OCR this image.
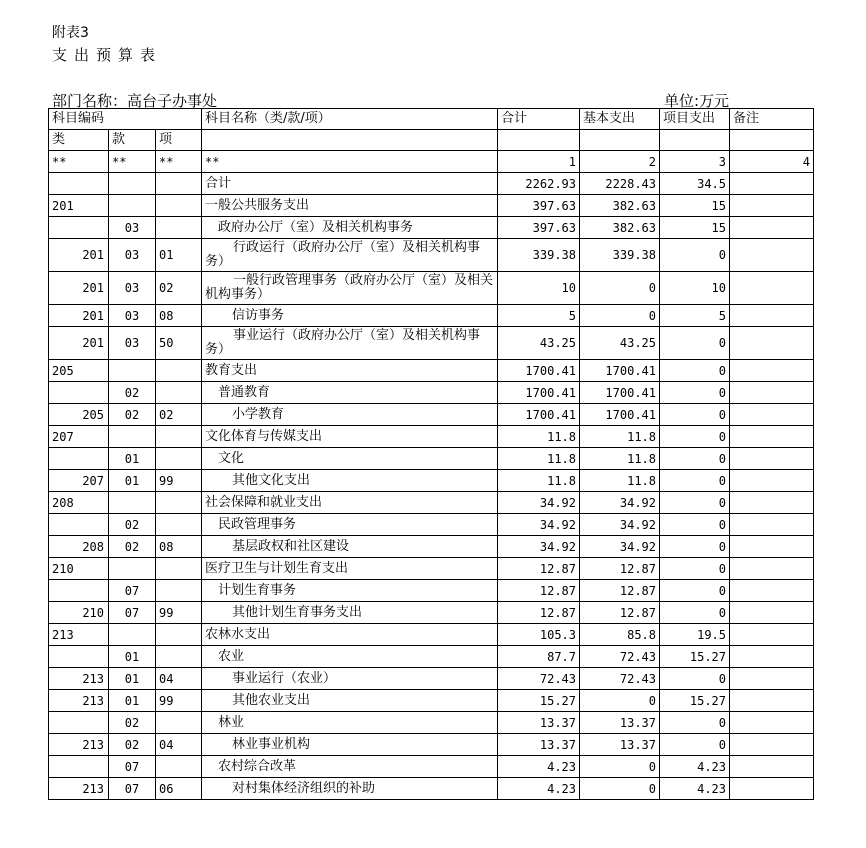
附表3
支出预算表
部门名称：高台子办事处	单位:万元
科目编码			科目名称（类/款/项）	合计	基本支出	项目支出	备注
类	款	项					
**	**	**	**	1	2	3	4
			合计	2262.93	2228.43	34.5	
201			一般公共服务支出	397.63	382.63	15	
	03		政府办公厅（室）及相关机构事务	397.63	382.63	15	
201	03	01	行政运行（政府办公厅（室）及相关机构事务）	339.38	339.38	0	
201	03	02	一般行政管理事务（政府办公厅（室）及相关机构事务）	10	0	10	
201	03	08	信访事务	5	0	5	
201	03	50	事业运行（政府办公厅（室）及相关机构事务）	43.25	43.25	0	
205			教育支出	1700.41	1700.41	0	
	02		普通教育	1700.41	1700.41	0	
205	02	02	小学教育	1700.41	1700.41	0	
207			文化体育与传媒支出	11.8	11.8	0	
	01		文化	11.8	11.8	0	
207	01	99	其他文化支出	11.8	11.8	0	
208			社会保障和就业支出	34.92	34.92	0	
	02		民政管理事务	34.92	34.92	0	
208	02	08	基层政权和社区建设	34.92	34.92	0	
210			医疗卫生与计划生育支出	12.87	12.87	0	
	07		计划生育事务	12.87	12.87	0	
210	07	99	其他计划生育事务支出	12.87	12.87	0	
213			农林水支出	105.3	85.8	19.5	
	01		农业	87.7	72.43	15.27	
213	01	04	事业运行（农业）	72.43	72.43	0	
213	01	99	其他农业支出	15.27	0	15.27	
	02		林业	13.37	13.37	0	
213	02	04	林业事业机构	13.37	13.37	0	
	07		农村综合改革	4.23	0	4.23	
213	07	06	对村集体经济组织的补助	4.23	0	4.23	
